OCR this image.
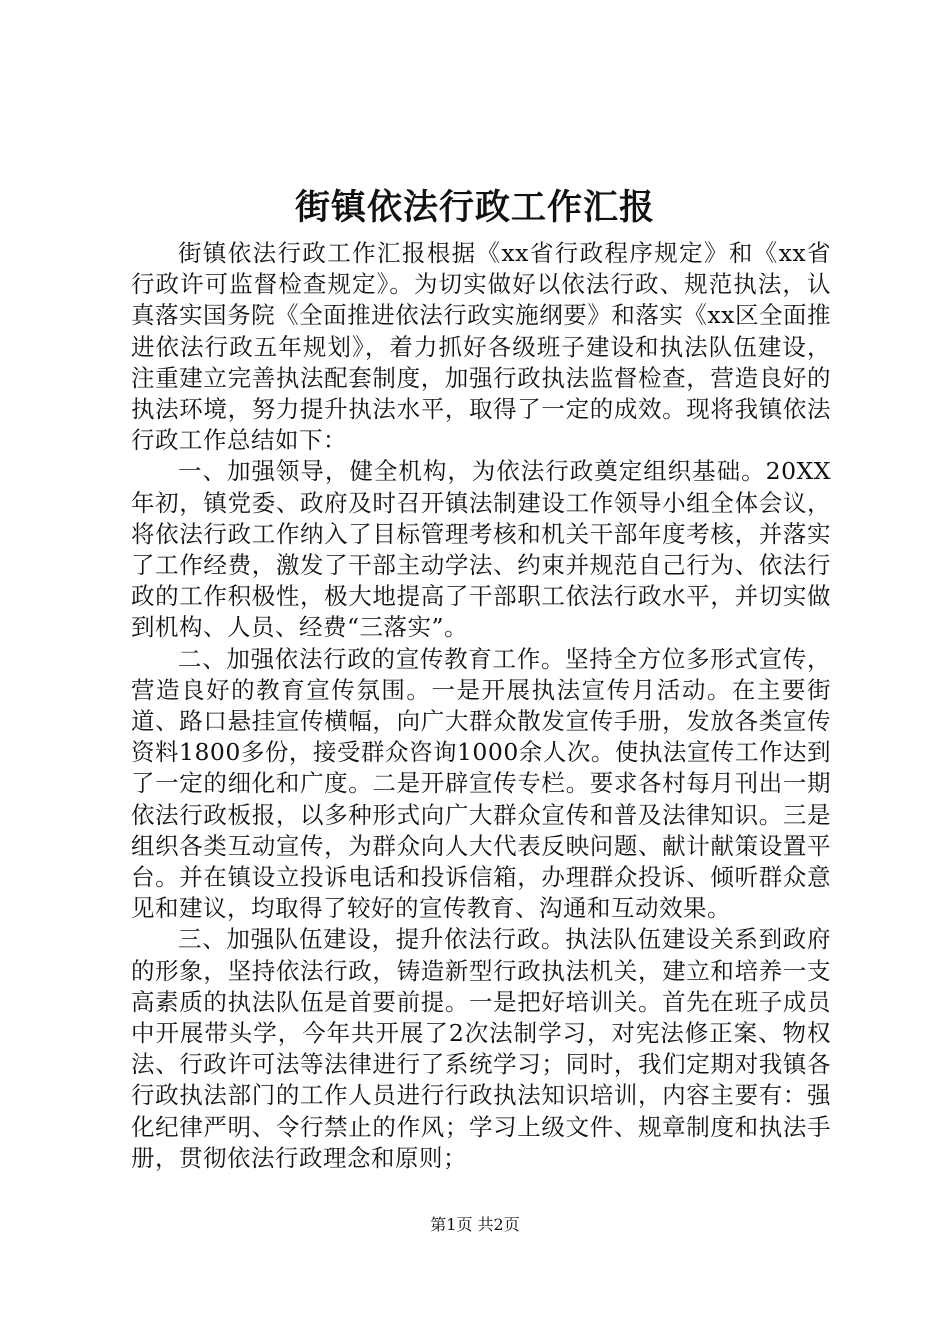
街镇依法行政工作汇报

街镇依法行政工作汇报根据《xx省行政程序规定》和《xx省行政许可监督检查规定》。为切实做好以依法行政、规范执法，认真落实国务院《全面推进依法行政实施纲要》和落实《xx区全面推进依法行政五年规划》，着力抓好各级班子建设和执法队伍建设，注重建立完善执法配套制度，加强行政执法监督检查，营造良好的执法环境，努力提升执法水平，取得了一定的成效。现将我镇依法行政工作总结如下：

一、加强领导，健全机构，为依法行政奠定组织基础。20XX年初，镇党委、政府及时召开镇法制建设工作领导小组全体会议，将依法行政工作纳入了目标管理考核和机关干部年度考核，并落实了工作经费，激发了干部主动学法、约束并规范自己行为、依法行政的工作积极性，极大地提高了干部职工依法行政水平，并切实做到机构、人员、经费“三落实”。

二、加强依法行政的宣传教育工作。坚持全方位多形式宣传，营造良好的教育宣传氛围。一是开展执法宣传月活动。在主要街道、路口悬挂宣传横幅，向广大群众散发宣传手册，发放各类宣传资料1800多份，接受群众咨询1000余人次。使执法宣传工作达到了一定的细化和广度。二是开辟宣传专栏。要求各村每月刊出一期依法行政板报，以多种形式向广大群众宣传和普及法律知识。三是组织各类互动宣传，为群众向人大代表反映问题、献计献策设置平台。并在镇设立投诉电话和投诉信箱，办理群众投诉、倾听群众意见和建议，均取得了较好的宣传教育、沟通和互动效果。

三、加强队伍建设，提升依法行政。执法队伍建设关系到政府的形象，坚持依法行政，铸造新型行政执法机关，建立和培养一支高素质的执法队伍是首要前提。一是把好培训关。首先在班子成员中开展带头学，今年共开展了2次法制学习，对宪法修正案、物权法、行政许可法等法律进行了系统学习；同时，我们定期对我镇各行政执法部门的工作人员进行行政执法知识培训，内容主要有：强化纪律严明、令行禁止的作风；学习上级文件、规章制度和执法手册，贯彻依法行政理念和原则；

第1页 共2页
